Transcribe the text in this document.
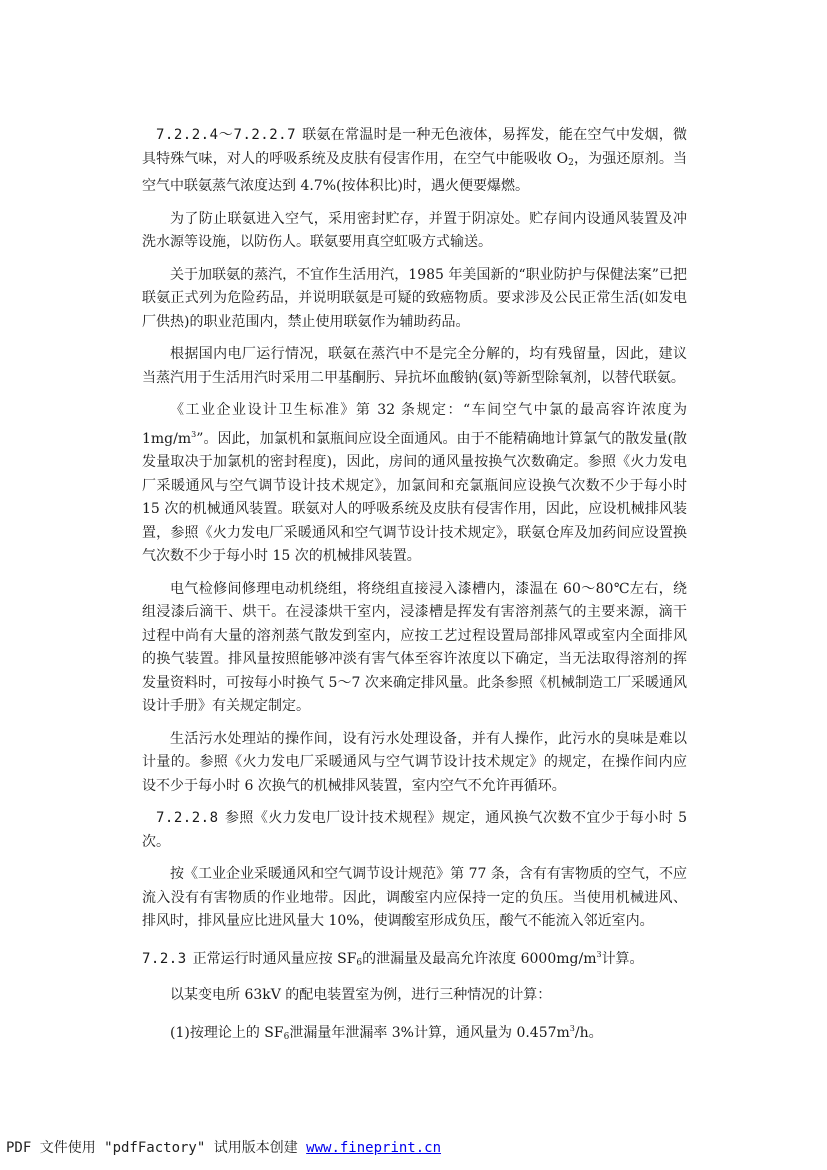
7.2.2.4～7.2.2.7 联氨在常温时是一种无色液体，易挥发，能在空气中发烟，微具特殊气味，对人的呼吸系统及皮肤有侵害作用，在空气中能吸收 $O_2$，为强还原剂。当空气中联氨蒸气浓度达到 4.7%(按体积比)时，遇火便要爆燃。

为了防止联氨进入空气，采用密封贮存，并置于阴凉处。贮存间内设通风装置及冲洗水源等设施，以防伤人。联氨要用真空虹吸方式输送。

关于加联氨的蒸汽，不宜作生活用汽，1985 年美国新的“职业防护与保健法案”已把联氨正式列为危险药品，并说明联氨是可疑的致癌物质。要求涉及公民正常生活(如发电厂供热)的职业范围内，禁止使用联氨作为辅助药品。

根据国内电厂运行情况，联氨在蒸汽中不是完全分解的，均有残留量，因此，建议当蒸汽用于生活用汽时采用二甲基酮肟、异抗坏血酸钠(氨)等新型除氧剂，以替代联氨。

《工业企业设计卫生标准》第 32 条规定：“车间空气中氯的最高容许浓度为 $1mg/m^3$”。因此，加氯机和氯瓶间应设全面通风。由于不能精确地计算氯气的散发量(散发量取决于加氯机的密封程度)，因此，房间的通风量按换气次数确定。参照《火力发电厂采暖通风与空气调节设计技术规定》，加氯间和充氯瓶间应设换气次数不少于每小时 15 次的机械通风装置。联氨对人的呼吸系统及皮肤有侵害作用，因此，应设机械排风装置，参照《火力发电厂采暖通风和空气调节设计技术规定》，联氨仓库及加药间应设置换气次数不少于每小时 15 次的机械排风装置。

电气检修间修理电动机绕组，将绕组直接浸入漆槽内，漆温在 60～80℃左右，绕组浸漆后滴干、烘干。在浸漆烘干室内，浸漆槽是挥发有害溶剂蒸气的主要来源，滴干过程中尚有大量的溶剂蒸气散发到室内，应按工艺过程设置局部排风罩或室内全面排风的换气装置。排风量按照能够冲淡有害气体至容许浓度以下确定，当无法取得溶剂的挥发量资料时，可按每小时换气 5～7 次来确定排风量。此条参照《机械制造工厂采暖通风设计手册》有关规定制定。

生活污水处理站的操作间，设有污水处理设备，并有人操作，此污水的臭味是难以计量的。参照《火力发电厂采暖通风与空气调节设计技术规定》的规定，在操作间内应设不少于每小时 6 次换气的机械排风装置，室内空气不允许再循环。

7.2.2.8 参照《火力发电厂设计技术规程》规定，通风换气次数不宜少于每小时 5 次。

按《工业企业采暖通风和空气调节设计规范》第 77 条，含有有害物质的空气，不应流入没有有害物质的作业地带。因此，调酸室内应保持一定的负压。当使用机械进风、排风时，排风量应比进风量大 10%，使调酸室形成负压，酸气不能流入邻近室内。

7.2.3 正常运行时通风量应按 $SF_6$的泄漏量及最高允许浓度 $6000mg/m^3$计算。

以某变电所 63kV 的配电装置室为例，进行三种情况的计算：

(1)按理论上的 $SF_6$泄漏量年泄漏率 3%计算，通风量为 $0.457m^3/h$。

PDF 文件使用 "pdfFactory" 试用版本创建 www.fineprint.cn
